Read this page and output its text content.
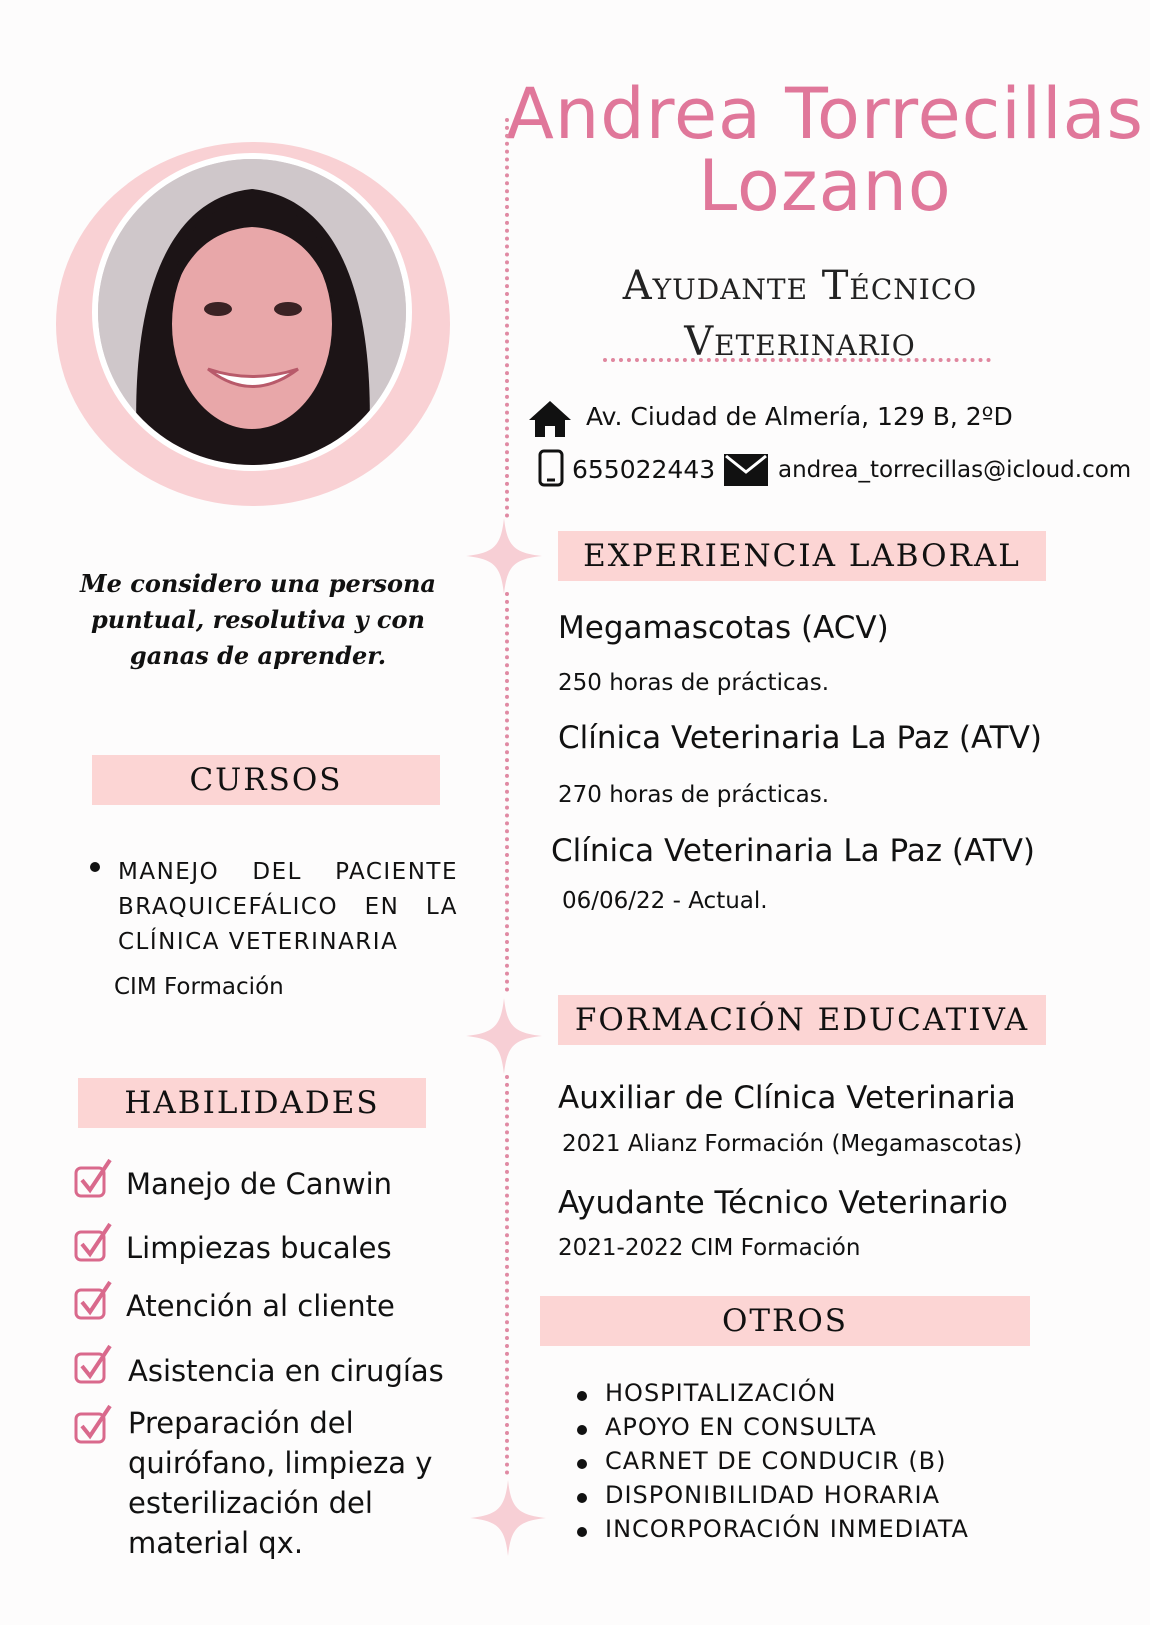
Andrea Torrecillas
Lozano
Ayudante Técnico
Veterinario
Av. Ciudad de Almería, 129 B, 2ºD
655022443	andrea_torrecillas@icloud.com
Me considero una persona puntual, resolutiva y con ganas de aprender.
CURSOS
MANEJO DEL PACIENTE BRAQUICEFÁLICO EN LA CLÍNICA VETERINARIA
CIM Formación
HABILIDADES
Manejo de Canwin
Limpiezas bucales
Atención al cliente
Asistencia en cirugías
Preparación del quirófano, limpieza y esterilización del material qx.
EXPERIENCIA LABORAL
Megamascotas (ACV)
250 horas de prácticas.
Clínica Veterinaria La Paz (ATV)
270 horas de prácticas.
Clínica Veterinaria La Paz (ATV)
06/06/22 - Actual.
FORMACIÓN EDUCATIVA
Auxiliar de Clínica Veterinaria
2021 Alianz Formación (Megamascotas)
Ayudante Técnico Veterinario
2021-2022 CIM Formación
OTROS
HOSPITALIZACIÓN
APOYO EN CONSULTA
CARNET DE CONDUCIR (B)
DISPONIBILIDAD HORARIA
INCORPORACIÓN INMEDIATA
